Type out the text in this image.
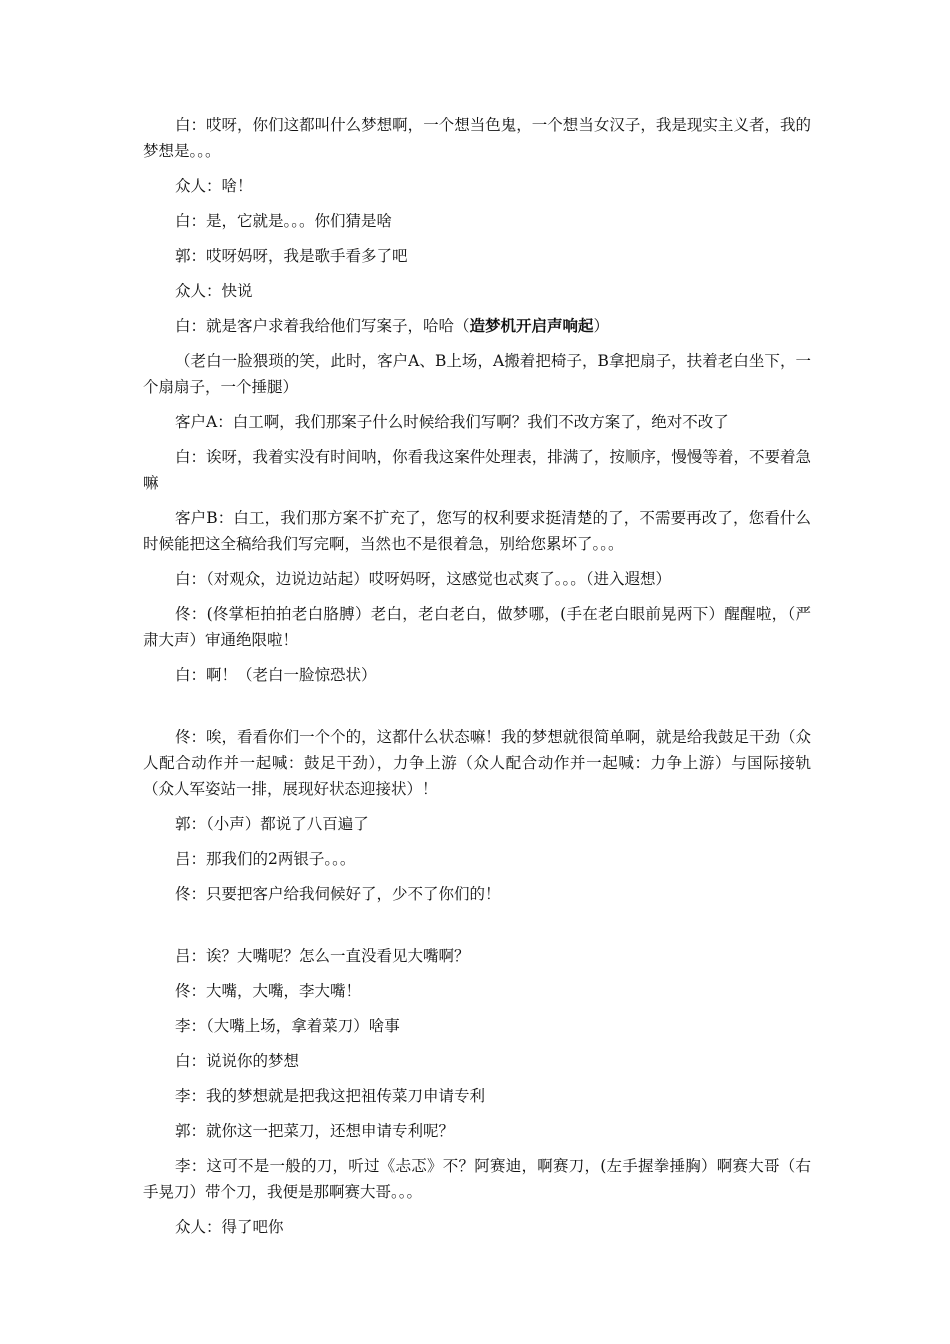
白：哎呀，你们这都叫什么梦想啊，一个想当色鬼，一个想当女汉子，我是现实主义者，我的梦想是。。。

众人：啥！

白：是，它就是。。。你们猜是啥

郭：哎呀妈呀，我是歌手看多了吧

众人：快说

白：就是客户求着我给他们写案子，哈哈（造梦机开启声响起）

（老白一脸猥琐的笑，此时，客户A、B上场，A搬着把椅子，B拿把扇子，扶着老白坐下，一个扇扇子，一个捶腿）

客户A：白工啊，我们那案子什么时候给我们写啊？我们不改方案了，绝对不改了

白：诶呀，我着实没有时间呐，你看我这案件处理表，排满了，按顺序，慢慢等着，不要着急嘛

客户B：白工，我们那方案不扩充了，您写的权利要求挺清楚的了，不需要再改了，您看什么时候能把这全稿给我们写完啊，当然也不是很着急，别给您累坏了。。。

白：（对观众，边说边站起）哎呀妈呀，这感觉也忒爽了。。。（进入遐想）

佟：(佟掌柜拍拍老白胳膊）老白，老白老白，做梦哪，(手在老白眼前晃两下）醒醒啦，（严肃大声）审通绝限啦！

白：啊！（老白一脸惊恐状）

佟：唉，看看你们一个个的，这都什么状态嘛！我的梦想就很简单啊，就是给我鼓足干劲（众人配合动作并一起喊：鼓足干劲），力争上游（众人配合动作并一起喊：力争上游）与国际接轨（众人军姿站一排，展现好状态迎接状）！

郭：（小声）都说了八百遍了

吕：那我们的2两银子。。。

佟：只要把客户给我伺候好了，少不了你们的！

吕：诶？大嘴呢？怎么一直没看见大嘴啊？

佟：大嘴，大嘴，李大嘴！

李：（大嘴上场，拿着菜刀）啥事

白：说说你的梦想

李：我的梦想就是把我这把祖传菜刀申请专利

郭：就你这一把菜刀，还想申请专利呢？

李：这可不是一般的刀，听过《忐忑》不？阿赛迪，啊赛刀，(左手握拳捶胸）啊赛大哥（右手晃刀）带个刀，我便是那啊赛大哥。。。

众人：得了吧你
